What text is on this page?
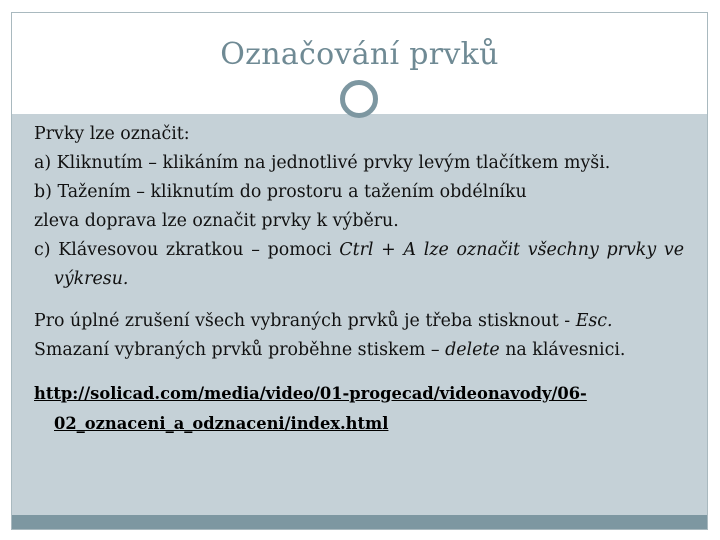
Označování prvků
Prvky lze označit:
a) Kliknutím – klikáním na jednotlivé prvky levým tlačítkem myši.
b) Tažením – kliknutím do prostoru a tažením obdélníku
zleva doprava lze označit prvky k výběru.
c) Klávesovou zkratkou – pomoci Ctrl + A lze označit všechny prvky ve
výkresu.
Pro úplné zrušení všech vybraných prvků je třeba stisknout - Esc.
Smazaní vybraných prvků proběhne stiskem – delete na klávesnici.
http://solicad.com/media/video/01-progecad/videonavody/06-
02_oznaceni_a_odznaceni/index.html
